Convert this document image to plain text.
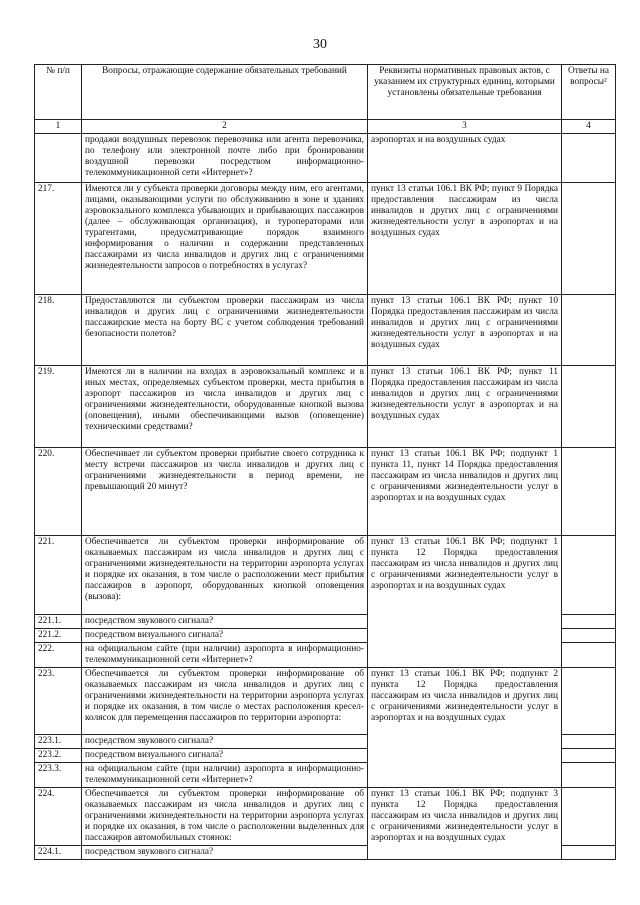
30
№ п/п	Вопросы, отражающие содержание обязательных требований	Реквизиты нормативных правовых актов, с указанием их структурных единиц, которыми установлены обязательные требования	Ответы на вопросы²
1	2	3	4
	продажи воздушных перевозок перевозчика или агента перевозчика, по телефону или электронной почте либо при бронировании воздушной перевозки посредством информационно-телекоммуникационной сети «Интернет»?	аэропортах и на воздушных судах	
217.	Имеются ли у субъекта проверки договоры между ним, его агентами, лицами, оказывающими услуги по обслуживанию в зоне и зданиях аэровокзального комплекса убывающих и прибывающих пассажиров (далее – обслуживающая организация), и туроператорами или турагентами, предусматривающие порядок взаимного информирования о наличии и содержании представленных пассажирами из числа инвалидов и других лиц с ограничениями жизнедеятельности запросов о потребностях в услугах?	пункт 13 статьи 106.1 ВК РФ; пункт 9 Порядка предоставления пассажирам из числа инвалидов и других лиц с ограничениями жизнедеятельности услуг в аэропортах и на воздушных судах	
218.	Предоставляются ли субъектом проверки пассажирам из числа инвалидов и других лиц с ограничениями жизнедеятельности пассажирские места на борту ВС с учетом соблюдения требований безопасности полетов?	пункт 13 статьи 106.1 ВК РФ; пункт 10 Порядка предоставления пассажирам из числа инвалидов и других лиц с ограничениями жизнедеятельности услуг в аэропортах и на воздушных судах	
219.	Имеются ли в наличии на входах в аэровокзальный комплекс и в иных местах, определяемых субъектом проверки, места прибытия в аэропорт пассажиров из числа инвалидов и других лиц с ограничениями жизнедеятельности, оборудованные кнопкой вызова (оповещения), иными обеспечивающими вызов (оповещение) техническими средствами?	пункт 13 статьи 106.1 ВК РФ; пункт 11 Порядка предоставления пассажирам из числа инвалидов и других лиц с ограничениями жизнедеятельности услуг в аэропортах и на воздушных судах	
220.	Обеспечивает ли субъектом проверки прибытие своего сотрудника к месту встречи пассажиров из числа инвалидов и других лиц с ограничениями жизнедеятельности в период времени, не превышающий 20 минут?	пункт 13 статьи 106.1 ВК РФ; подпункт 1 пункта 11, пункт 14 Порядка предоставления пассажирам из числа инвалидов и других лиц с ограничениями жизнедеятельности услуг в аэропортах и на воздушных судах	
221.	Обеспечивается ли субъектом проверки информирование об оказываемых пассажирам из числа инвалидов и других лиц с ограничениями жизнедеятельности на территории аэропорта услугах и порядке их оказания, в том числе о расположении мест прибытия пассажиров в аэропорт, оборудованных кнопкой оповещения (вызова):	пункт 13 статьи 106.1 ВК РФ; подпункт 1 пункта 12 Порядка предоставления пассажирам из числа инвалидов и других лиц с ограничениями жизнедеятельности услуг в аэропортах и на воздушных судах	
221.1.	посредством звукового сигнала?		
221.2.	посредством визуального сигнала?		
222.	на официальном сайте (при наличии) аэропорта в информационно-телекоммуникационной сети «Интернет»?		
223.	Обеспечивается ли субъектом проверки информирование об оказываемых пассажирам из числа инвалидов и других лиц с ограничениями жизнедеятельности на территории аэропорта услугах и порядке их оказания, в том числе о местах расположения кресел-колясок для перемещения пассажиров по территории аэропорта:	пункт 13 статьи 106.1 ВК РФ; подпункт 2 пункта 12 Порядка предоставления пассажирам из числа инвалидов и других лиц с ограничениями жизнедеятельности услуг в аэропортах и на воздушных судах	
223.1.	посредством звукового сигнала?		
223.2.	посредством визуального сигнала?		
223.3.	на официальном сайте (при наличии) аэропорта в информационно-телекоммуникационной сети «Интернет»?		
224.	Обеспечивается ли субъектом проверки информирование об оказываемых пассажирам из числа инвалидов и других лиц с ограничениями жизнедеятельности на территории аэропорта услугах и порядке их оказания, в том числе о расположении выделенных для пассажиров автомобильных стоянок:	пункт 13 статьи 106.1 ВК РФ; подпункт 3 пункта 12 Порядка предоставления пассажирам из числа инвалидов и других лиц с ограничениями жизнедеятельности услуг в аэропортах и на воздушных судах	
224.1.	посредством звукового сигнала?		
